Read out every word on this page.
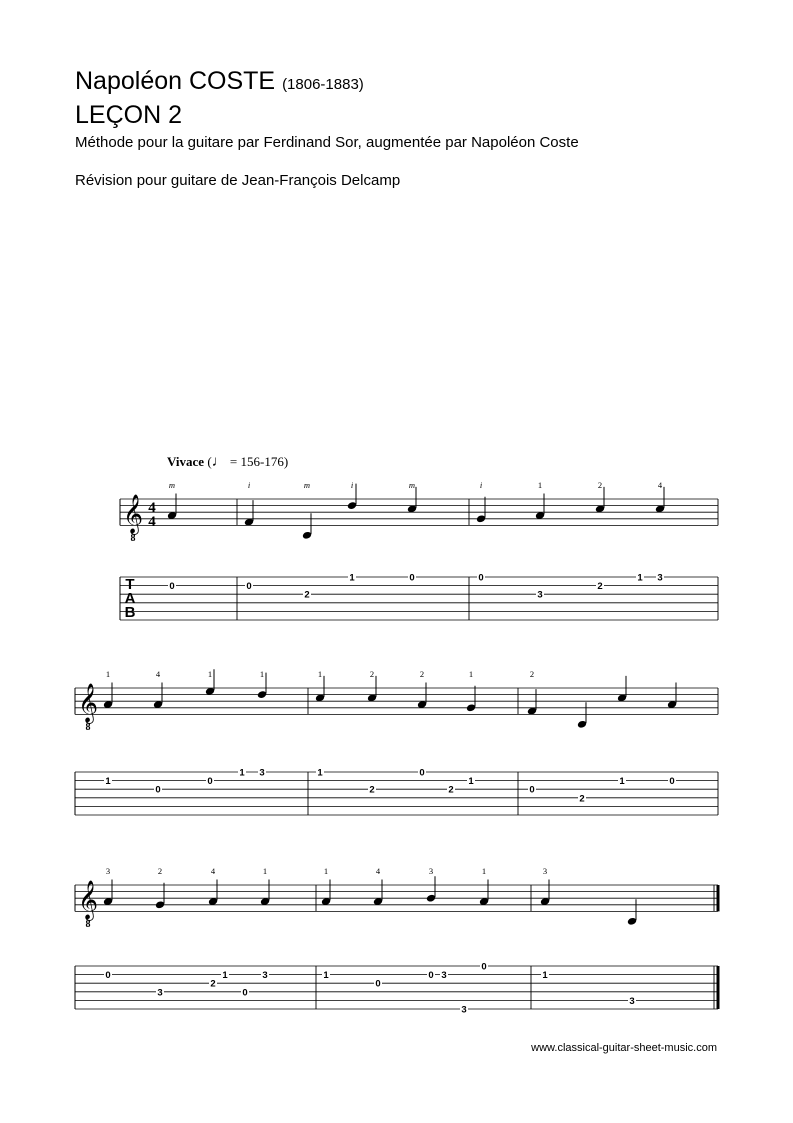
Napoléon COSTE (1806-1883)
LEÇON 2
Méthode pour la guitare par Ferdinand Sor, augmentée par Napoléon Coste
Révision pour guitare de Jean-François Delcamp
Vivace (♩ = 156-176)
𝄞
8
4
4
T
A
B
0	0
2
1	0	0
3
2
3
1
m	i	m	i	m	i	1	2	4
𝄞
8
1
0
0
3
1	1
2
0
1
2	0
2
1	0
1	4	1	1	1	2	2	1	2
𝄞
8
0
3
2
3
0
1	1
0
0
0
3
3	1
3
3	2	4	1	1	4	3	1	3
www.classical-guitar-sheet-music.com
